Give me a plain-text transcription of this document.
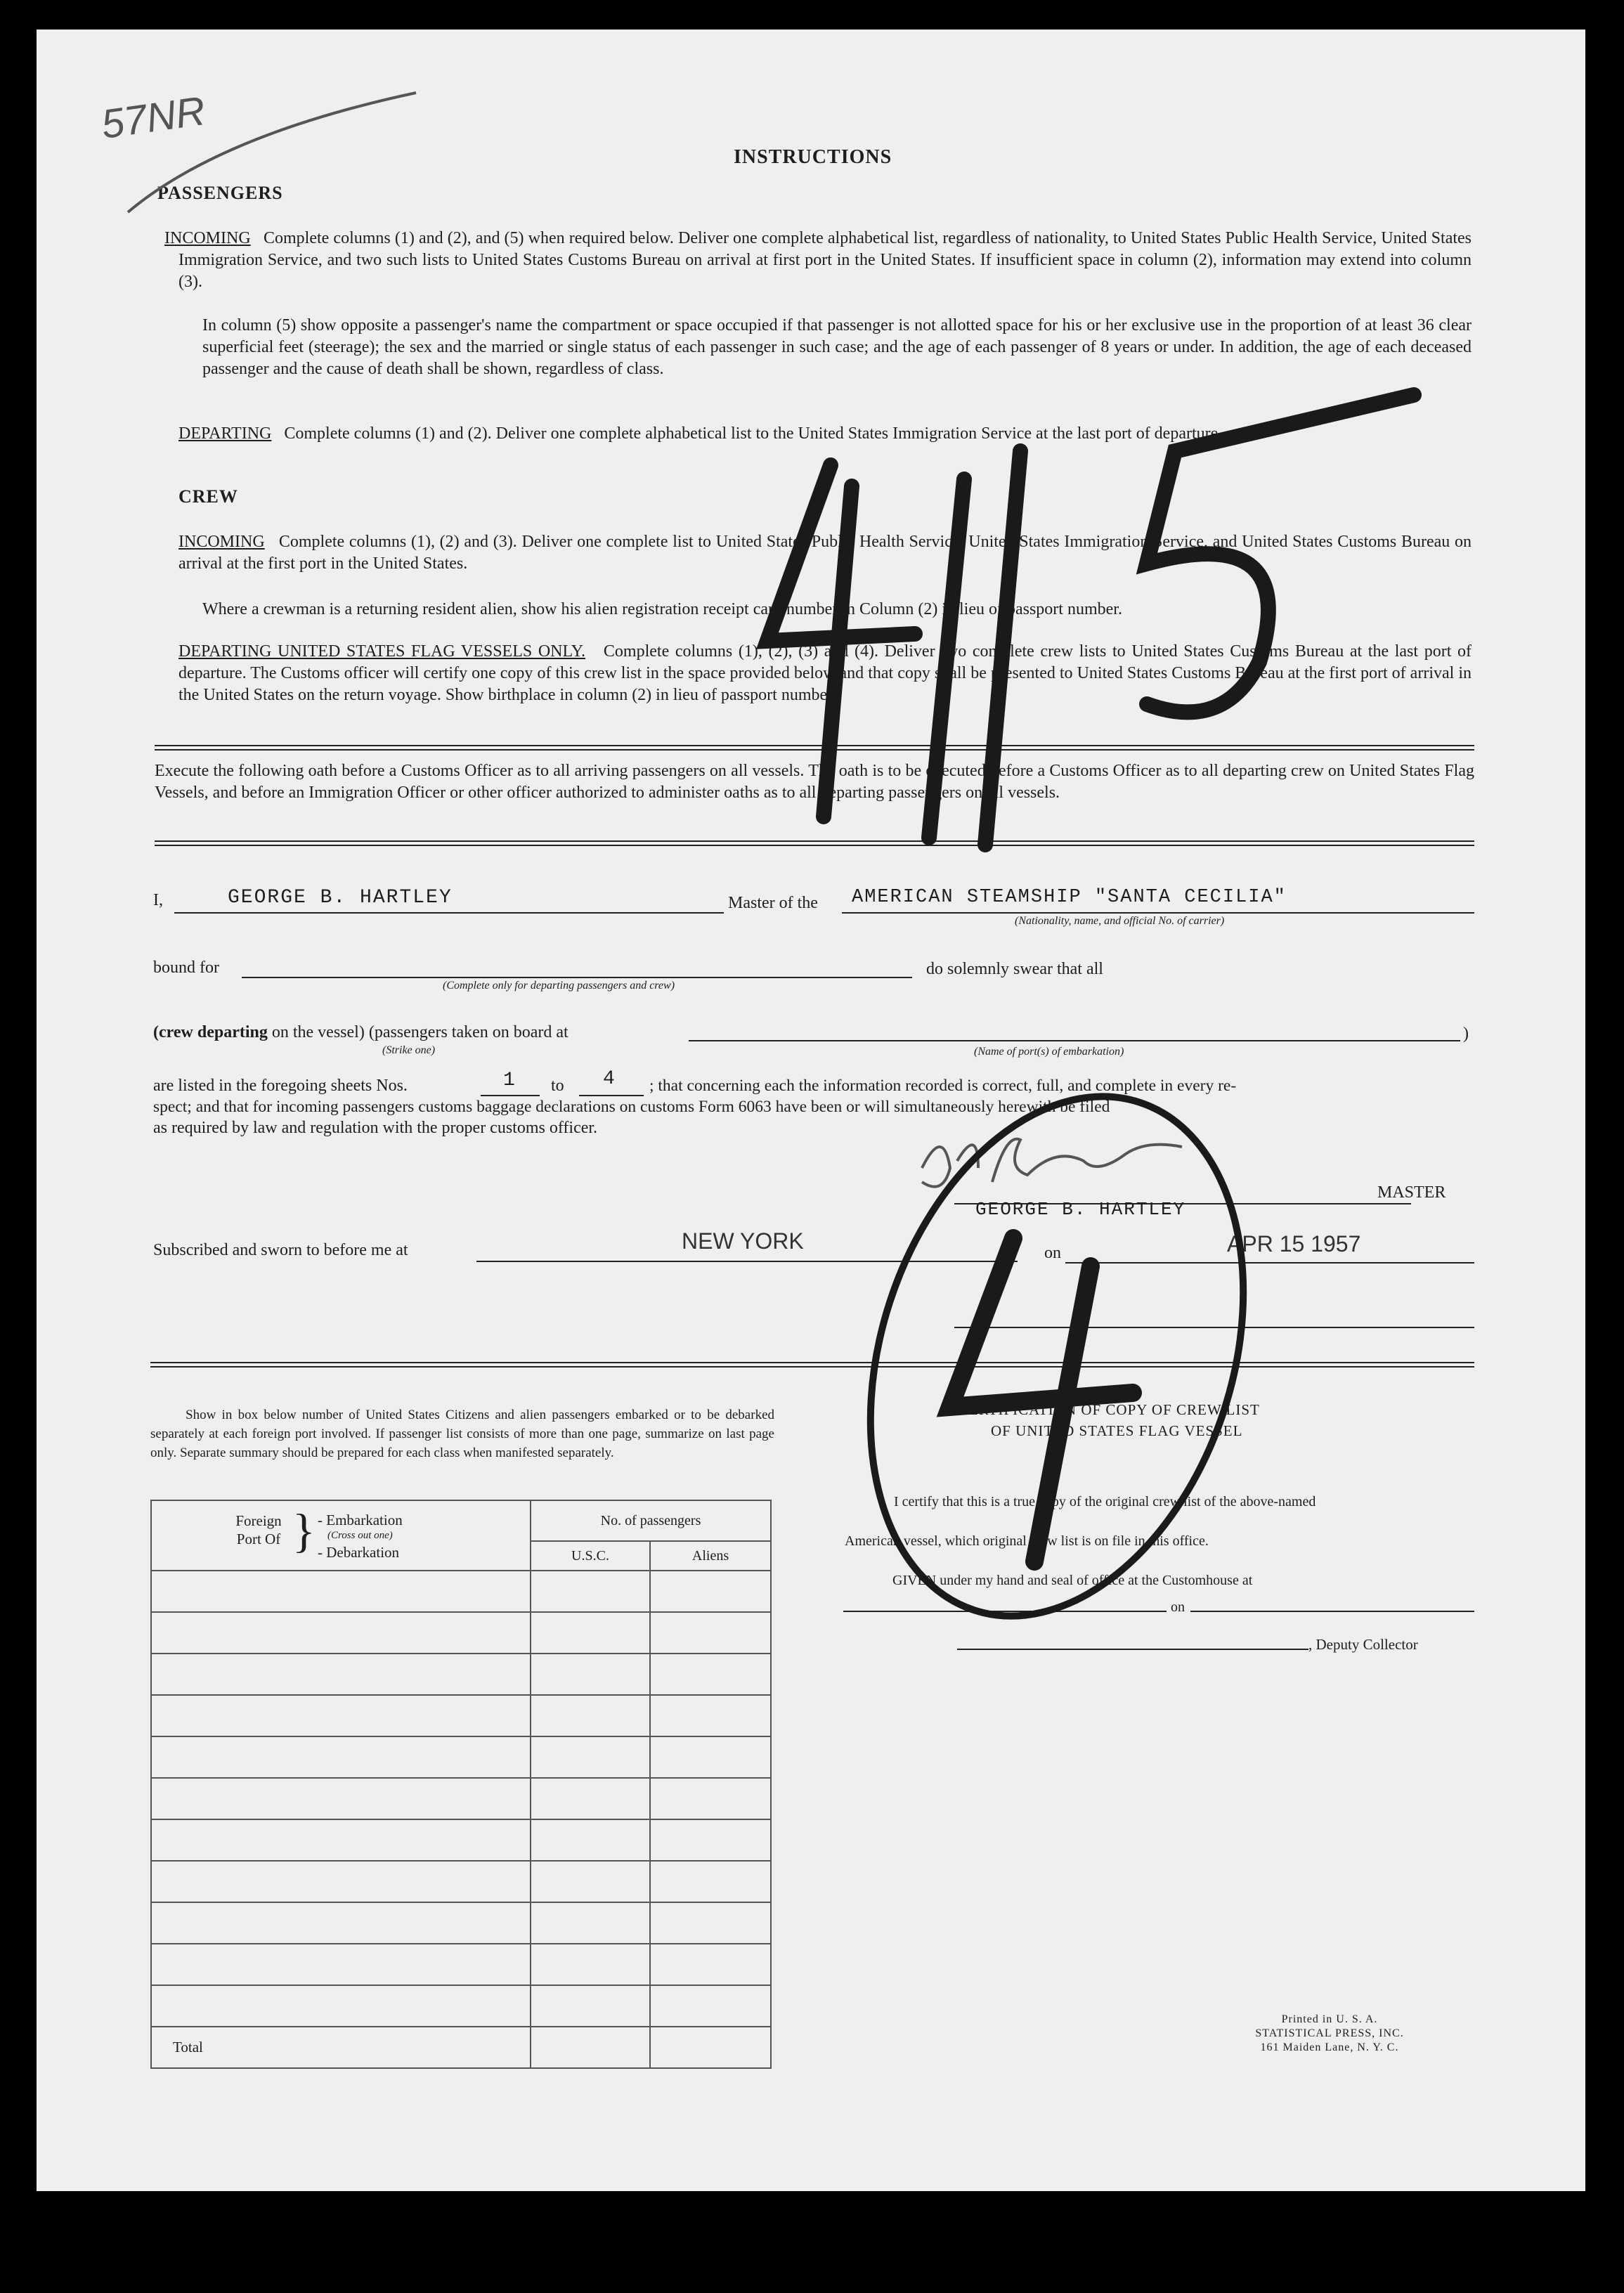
57NR
INSTRUCTIONS
PASSENGERS
INCOMING Complete columns (1) and (2), and (5) when required below. Deliver one complete alphabetical list, regardless of nationality, to United States Public Health Service, United States Immigration Service, and two such lists to United States Customs Bureau on arrival at first port in the United States. If insufficient space in column (2), information may extend into column (3).
In column (5) show opposite a passenger's name the compartment or space occupied if that passenger is not allotted space for his or her exclusive use in the proportion of at least 36 clear superficial feet (steerage); the sex and the married or single status of each passenger in such case; and the age of each passenger of 8 years or under. In addition, the age of each deceased passenger and the cause of death shall be shown, regardless of class.
DEPARTING Complete columns (1) and (2). Deliver one complete alphabetical list to the United States Immigration Service at the last port of departure.
CREW
INCOMING Complete columns (1), (2) and (3). Deliver one complete list to United States Public Health Service, United States Immigration Service, and United States Customs Bureau on arrival at the first port in the United States.
Where a crewman is a returning resident alien, show his alien registration receipt card number in Column (2) in lieu of passport number.
DEPARTING UNITED STATES FLAG VESSELS ONLY. Complete columns (1), (2), (3) and (4). Deliver two complete crew lists to United States Customs Bureau at the last port of departure. The Customs officer will certify one copy of this crew list in the space provided below and that copy shall be presented to United States Customs Bureau at the first port of arrival in the United States on the return voyage. Show birthplace in column (2) in lieu of passport number.
Execute the following oath before a Customs Officer as to all arriving passengers on all vessels. The oath is to be executed before a Customs Officer as to all departing crew on United States Flag Vessels, and before an Immigration Officer or other officer authorized to administer oaths as to all departing passengers on all vessels.
I,	GEORGE B. HARTLEY	Master of the AMERICAN STEAMSHIP "SANTA CECILIA"
(Nationality, name, and official No. of carrier)
bound for
(Complete only for departing passengers and crew)
do solemnly swear that all
(crew departing on the vessel) (passengers taken on board at
(Strike one)
)
(Name of port(s) of embarkation)
are listed in the foregoing sheets Nos.	1 to 4 ; that concerning each the information recorded is correct, full, and complete in every re-
spect; and that for incoming passengers customs baggage declarations on customs Form 6063 have been or will simultaneously herewith be filed
as required by law and regulation with the proper customs officer.
MASTER
GEORGE B. HARTLEY
Subscribed and sworn to before me at	NEW YORK	on	APR 15 1957
Show in box below number of United States Citizens and alien passengers embarked or to be debarked separately at each foreign port involved. If passenger list consists of more than one page, summarize on last page only. Separate summary should be prepared for each class when manifested separately.
Foreign Port Of } - Embarkation
(Cross out one)
- Debarkation	No. of passengers	
	U.S.C.	Aliens

Total		
CERTIFICATION OF COPY OF CREW LIST
OF UNITED STATES FLAG VESSEL
I certify that this is a true copy of the original crew list of the above-named
American vessel, which original crew list is on file in this office.
GIVEN under my hand and seal of office at the Customhouse at
on
, Deputy Collector
Printed in U. S. A.
STATISTICAL PRESS, INC.
161 Maiden Lane, N. Y. C.
